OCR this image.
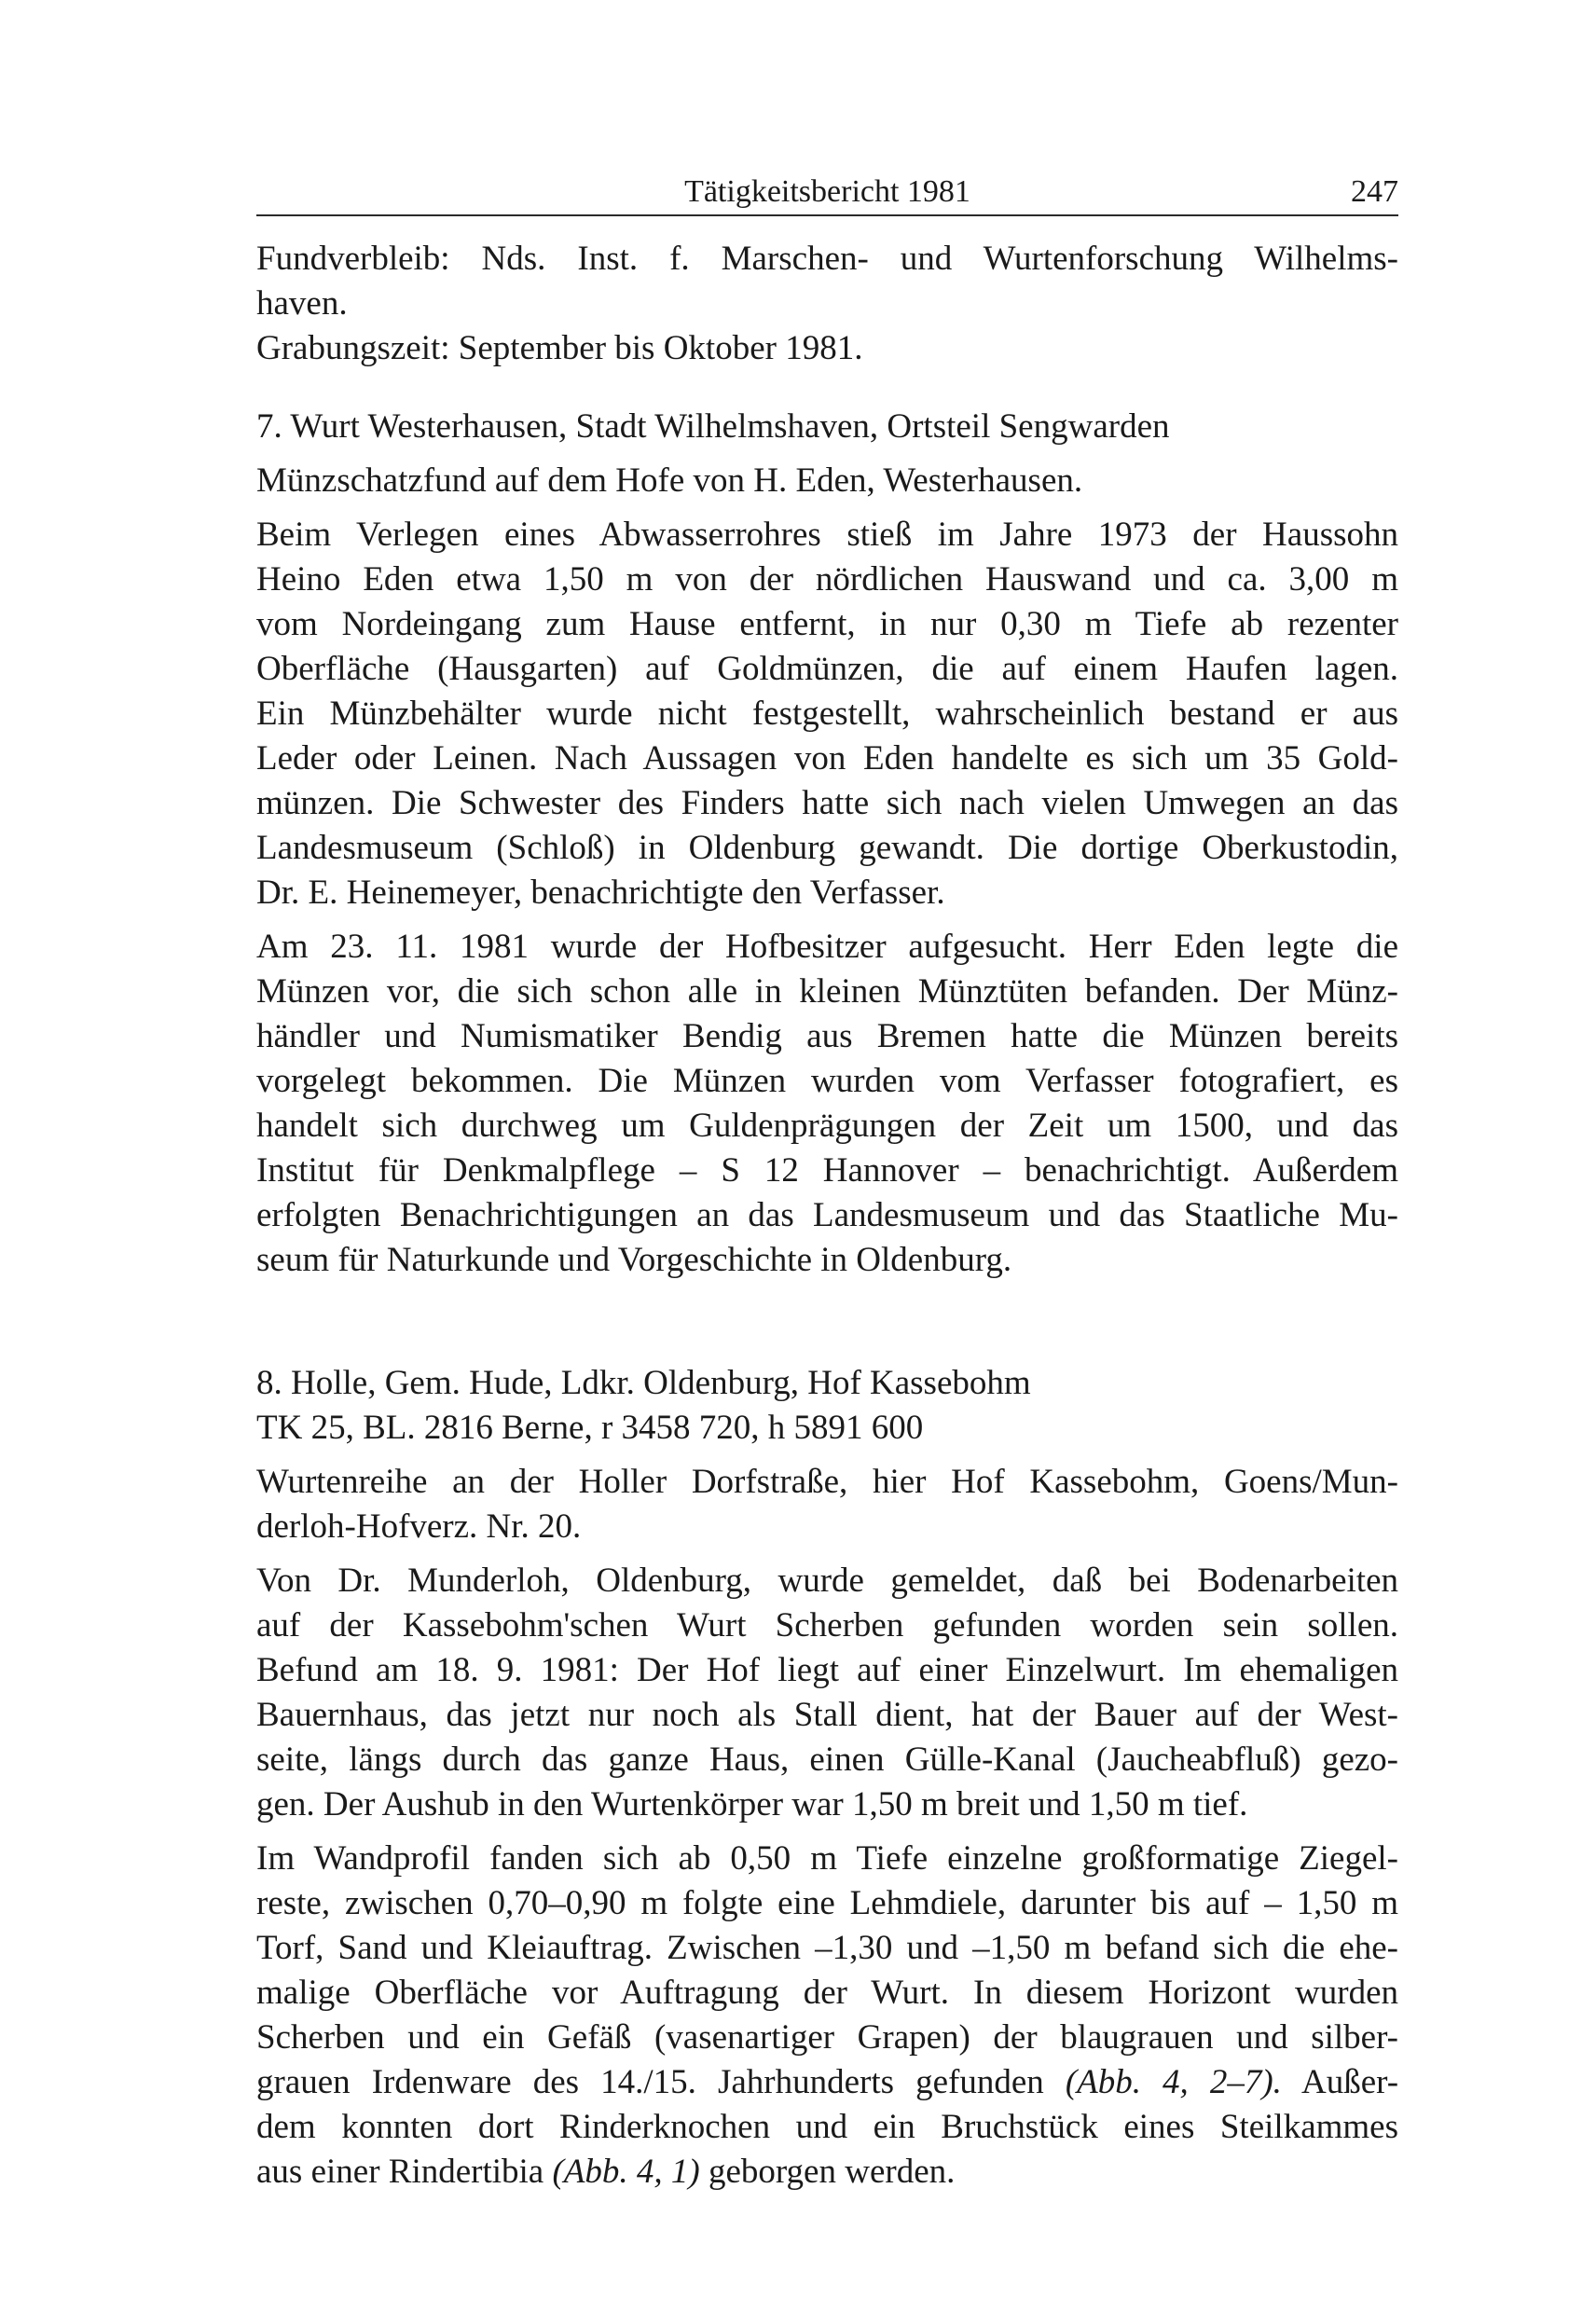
Tätigkeitsbericht 1981	247
Fundverbleib: Nds. Inst. f. Marschen- und Wurtenforschung Wilhelms-
haven.
Grabungszeit: September bis Oktober 1981.
7. Wurt Westerhausen, Stadt Wilhelmshaven, Ortsteil Sengwarden
Münzschatzfund auf dem Hofe von H. Eden, Westerhausen.
Beim Verlegen eines Abwasserrohres stieß im Jahre 1973 der Haussohn
Heino Eden etwa 1,50 m von der nördlichen Hauswand und ca. 3,00 m
vom Nordeingang zum Hause entfernt, in nur 0,30 m Tiefe ab rezenter
Oberfläche (Hausgarten) auf Goldmünzen, die auf einem Haufen lagen.
Ein Münzbehälter wurde nicht festgestellt, wahrscheinlich bestand er aus
Leder oder Leinen. Nach Aussagen von Eden handelte es sich um 35 Gold-
münzen. Die Schwester des Finders hatte sich nach vielen Umwegen an das
Landesmuseum (Schloß) in Oldenburg gewandt. Die dortige Oberkustodin,
Dr. E. Heinemeyer, benachrichtigte den Verfasser.
Am 23. 11. 1981 wurde der Hofbesitzer aufgesucht. Herr Eden legte die
Münzen vor, die sich schon alle in kleinen Münztüten befanden. Der Münz-
händler und Numismatiker Bendig aus Bremen hatte die Münzen bereits
vorgelegt bekommen. Die Münzen wurden vom Verfasser fotografiert, es
handelt sich durchweg um Guldenprägungen der Zeit um 1500, und das
Institut für Denkmalpflege – S 12 Hannover – benachrichtigt. Außerdem
erfolgten Benachrichtigungen an das Landesmuseum und das Staatliche Mu-
seum für Naturkunde und Vorgeschichte in Oldenburg.
8. Holle, Gem. Hude, Ldkr. Oldenburg, Hof Kassebohm
TK 25, BL. 2816 Berne, r 3458 720, h 5891 600
Wurtenreihe an der Holler Dorfstraße, hier Hof Kassebohm, Goens/Mun-
derloh-Hofverz. Nr. 20.
Von Dr. Munderloh, Oldenburg, wurde gemeldet, daß bei Bodenarbeiten
auf der Kassebohm'schen Wurt Scherben gefunden worden sein sollen.
Befund am 18. 9. 1981: Der Hof liegt auf einer Einzelwurt. Im ehemaligen
Bauernhaus, das jetzt nur noch als Stall dient, hat der Bauer auf der West-
seite, längs durch das ganze Haus, einen Gülle-Kanal (Jaucheabfluß) gezo-
gen. Der Aushub in den Wurtenkörper war 1,50 m breit und 1,50 m tief.
Im Wandprofil fanden sich ab 0,50 m Tiefe einzelne großformatige Ziegel-
reste, zwischen 0,70–0,90 m folgte eine Lehmdiele, darunter bis auf – 1,50 m
Torf, Sand und Kleiauftrag. Zwischen –1,30 und –1,50 m befand sich die ehe-
malige Oberfläche vor Auftragung der Wurt. In diesem Horizont wurden
Scherben und ein Gefäß (vasenartiger Grapen) der blaugrauen und silber-
grauen Irdenware des 14./15. Jahrhunderts gefunden (Abb. 4, 2–7). Außer-
dem konnten dort Rinderknochen und ein Bruchstück eines Steilkammes
aus einer Rindertibia (Abb. 4, 1) geborgen werden.
